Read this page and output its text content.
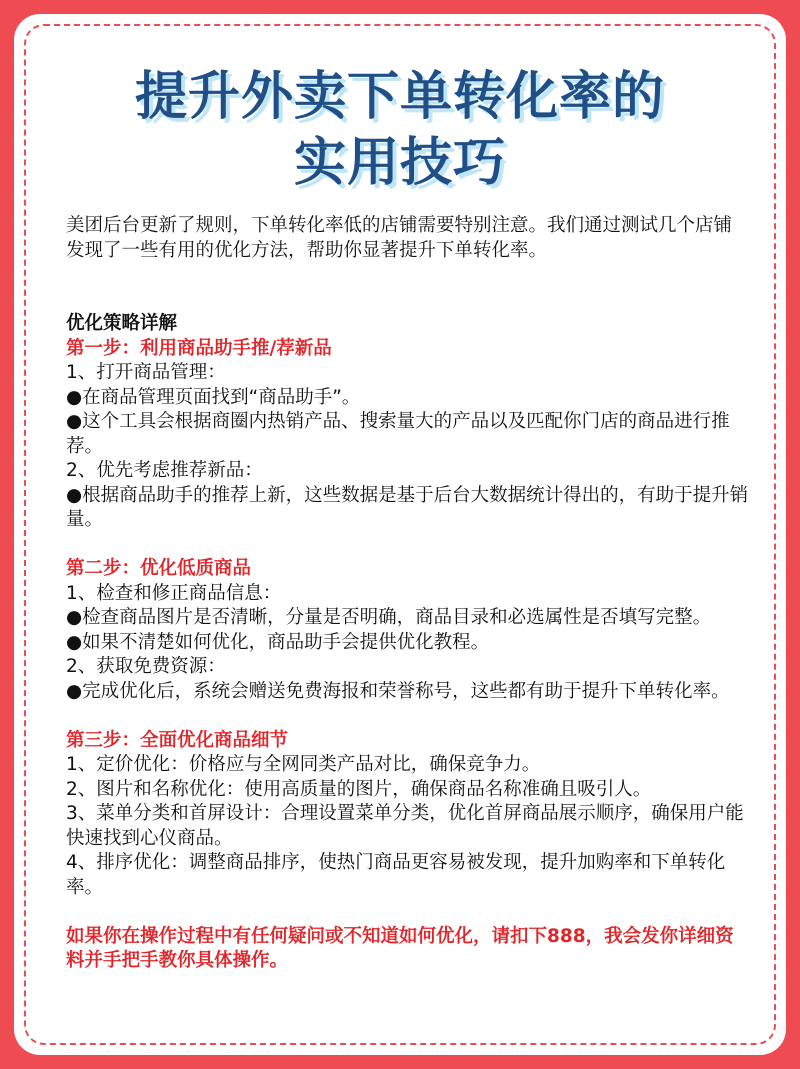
提升外卖下单转化率的
实用技巧

美团后台更新了规则，下单转化率低的店铺需要特别注意。我们通过测试几个店铺发现了一些有用的优化方法，帮助你显著提升下单转化率。

优化策略详解

第一步：利用商品助手推/荐新品

1、打开商品管理：

●在商品管理页面找到“商品助手”。

●这个工具会根据商圈内热销产品、搜索量大的产品以及匹配你门店的商品进行推荐。

2、优先考虑推荐新品：

●根据商品助手的推荐上新，这些数据是基于后台大数据统计得出的，有助于提升销量。

第二步：优化低质商品

1、检查和修正商品信息：

●检查商品图片是否清晰，分量是否明确，商品目录和必选属性是否填写完整。

●如果不清楚如何优化，商品助手会提供优化教程。

2、获取免费资源：

●完成优化后，系统会赠送免费海报和荣誉称号，这些都有助于提升下单转化率。

第三步：全面优化商品细节

1、定价优化：价格应与全网同类产品对比，确保竞争力。

2、图片和名称优化：使用高质量的图片，确保商品名称准确且吸引人。

3、菜单分类和首屏设计：合理设置菜单分类，优化首屏商品展示顺序，确保用户能快速找到心仪商品。

4、排序优化：调整商品排序，使热门商品更容易被发现，提升加购率和下单转化率。

如果你在操作过程中有任何疑问或不知道如何优化，请扣下888，我会发你详细资料并手把手教你具体操作。
